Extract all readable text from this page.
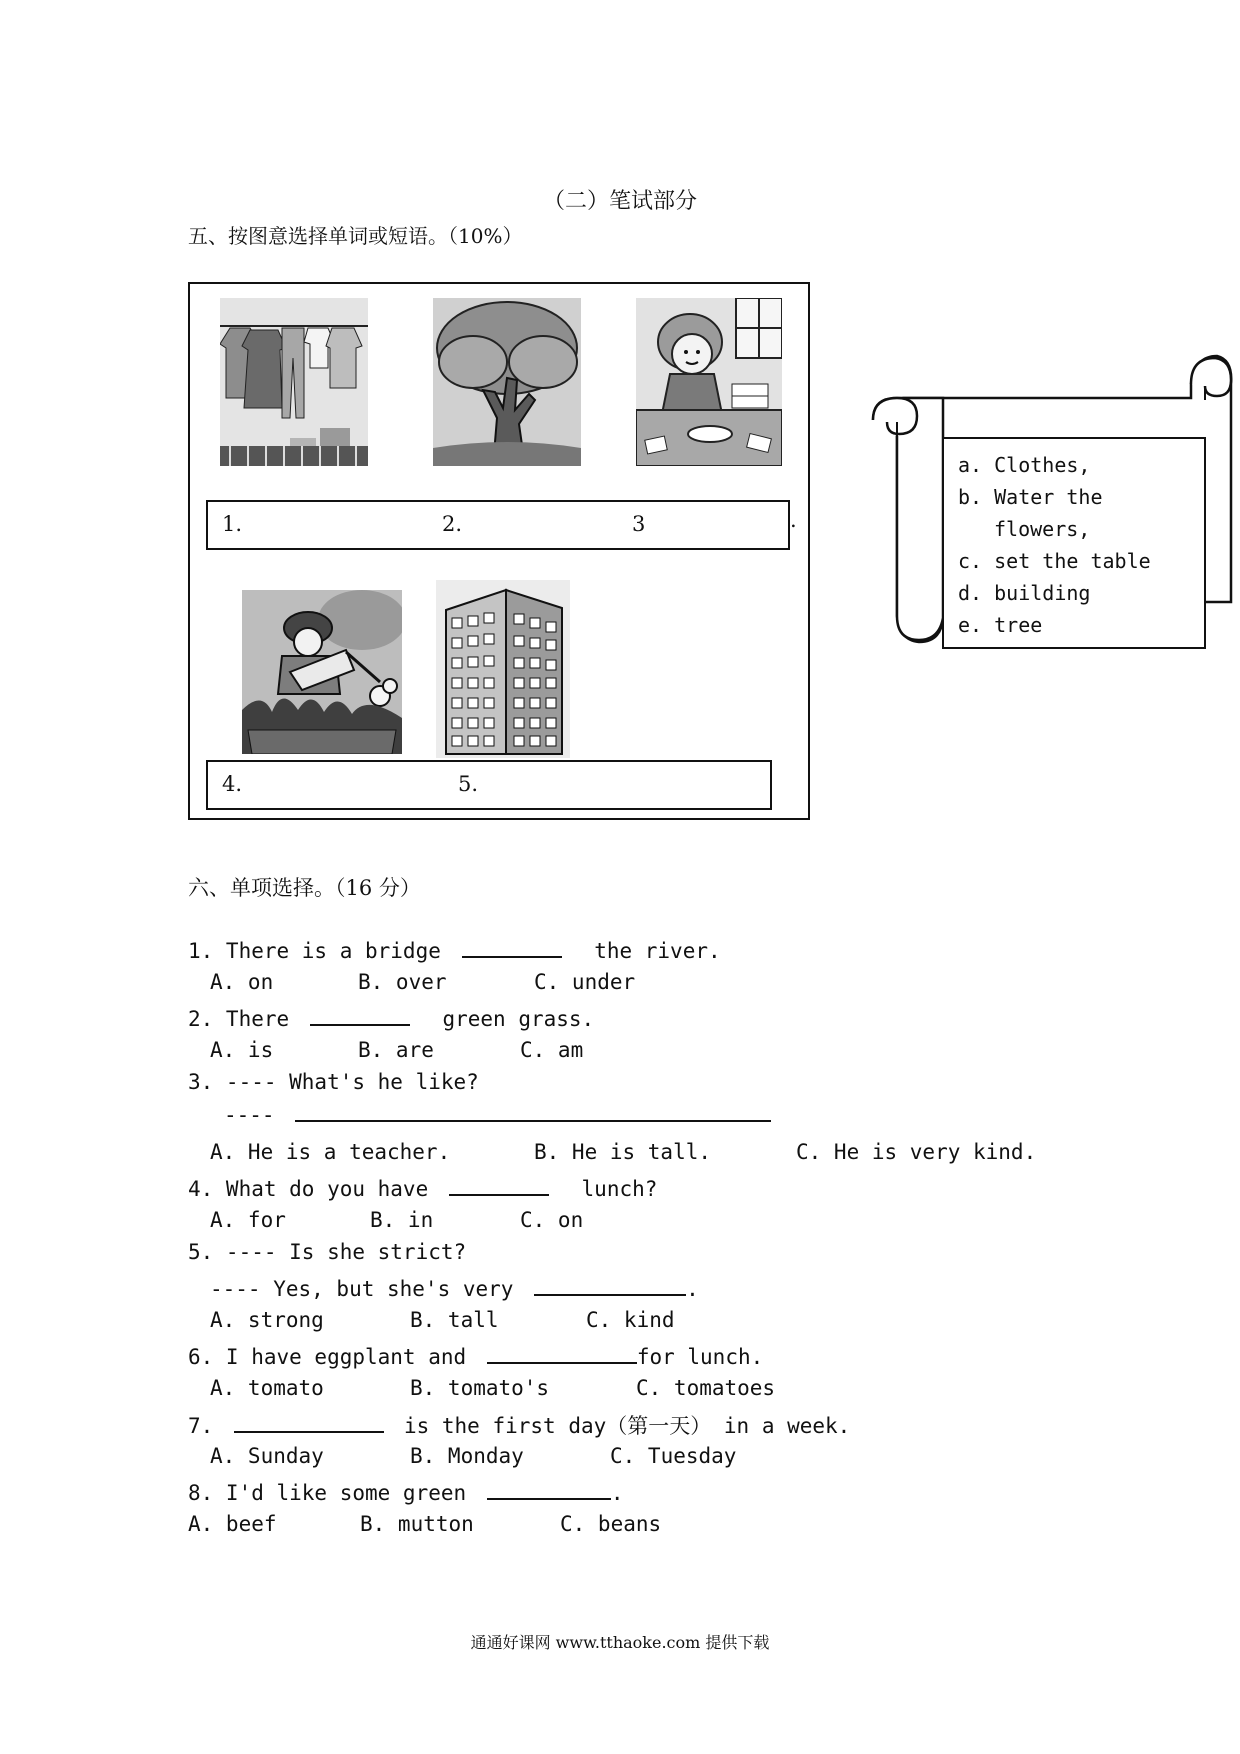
（二）笔试部分
五、按图意选择单词或短语。（10%）
1.	2.	3	.
4.	5.
a. Clothes,
b. Water the
flowers,
c. set the table
d. building
e. tree
六、单项选择。（16 分）
1. There is a bridge	the river.
A. on	B. over	C. under
2. There	green grass.
A. is	B. are	C. am
3. ---- What's he like?
----
A. He is a teacher.	B. He is tall.	C. He is very kind.
4. What do you have	lunch?
A. for	B. in	C. on
5. ---- Is she strict?
---- Yes, but she's very	.
A. strong	B. tall	C. kind
6. I have eggplant and	for lunch.
A. tomato	B. tomato's	C. tomatoes
7.	is the first day（第一天） in a week.
A. Sunday	B. Monday	C. Tuesday
8. I'd like some green	.
A. beef	B. mutton	C. beans
通通好课网 www.tthaoke.com 提供下载
